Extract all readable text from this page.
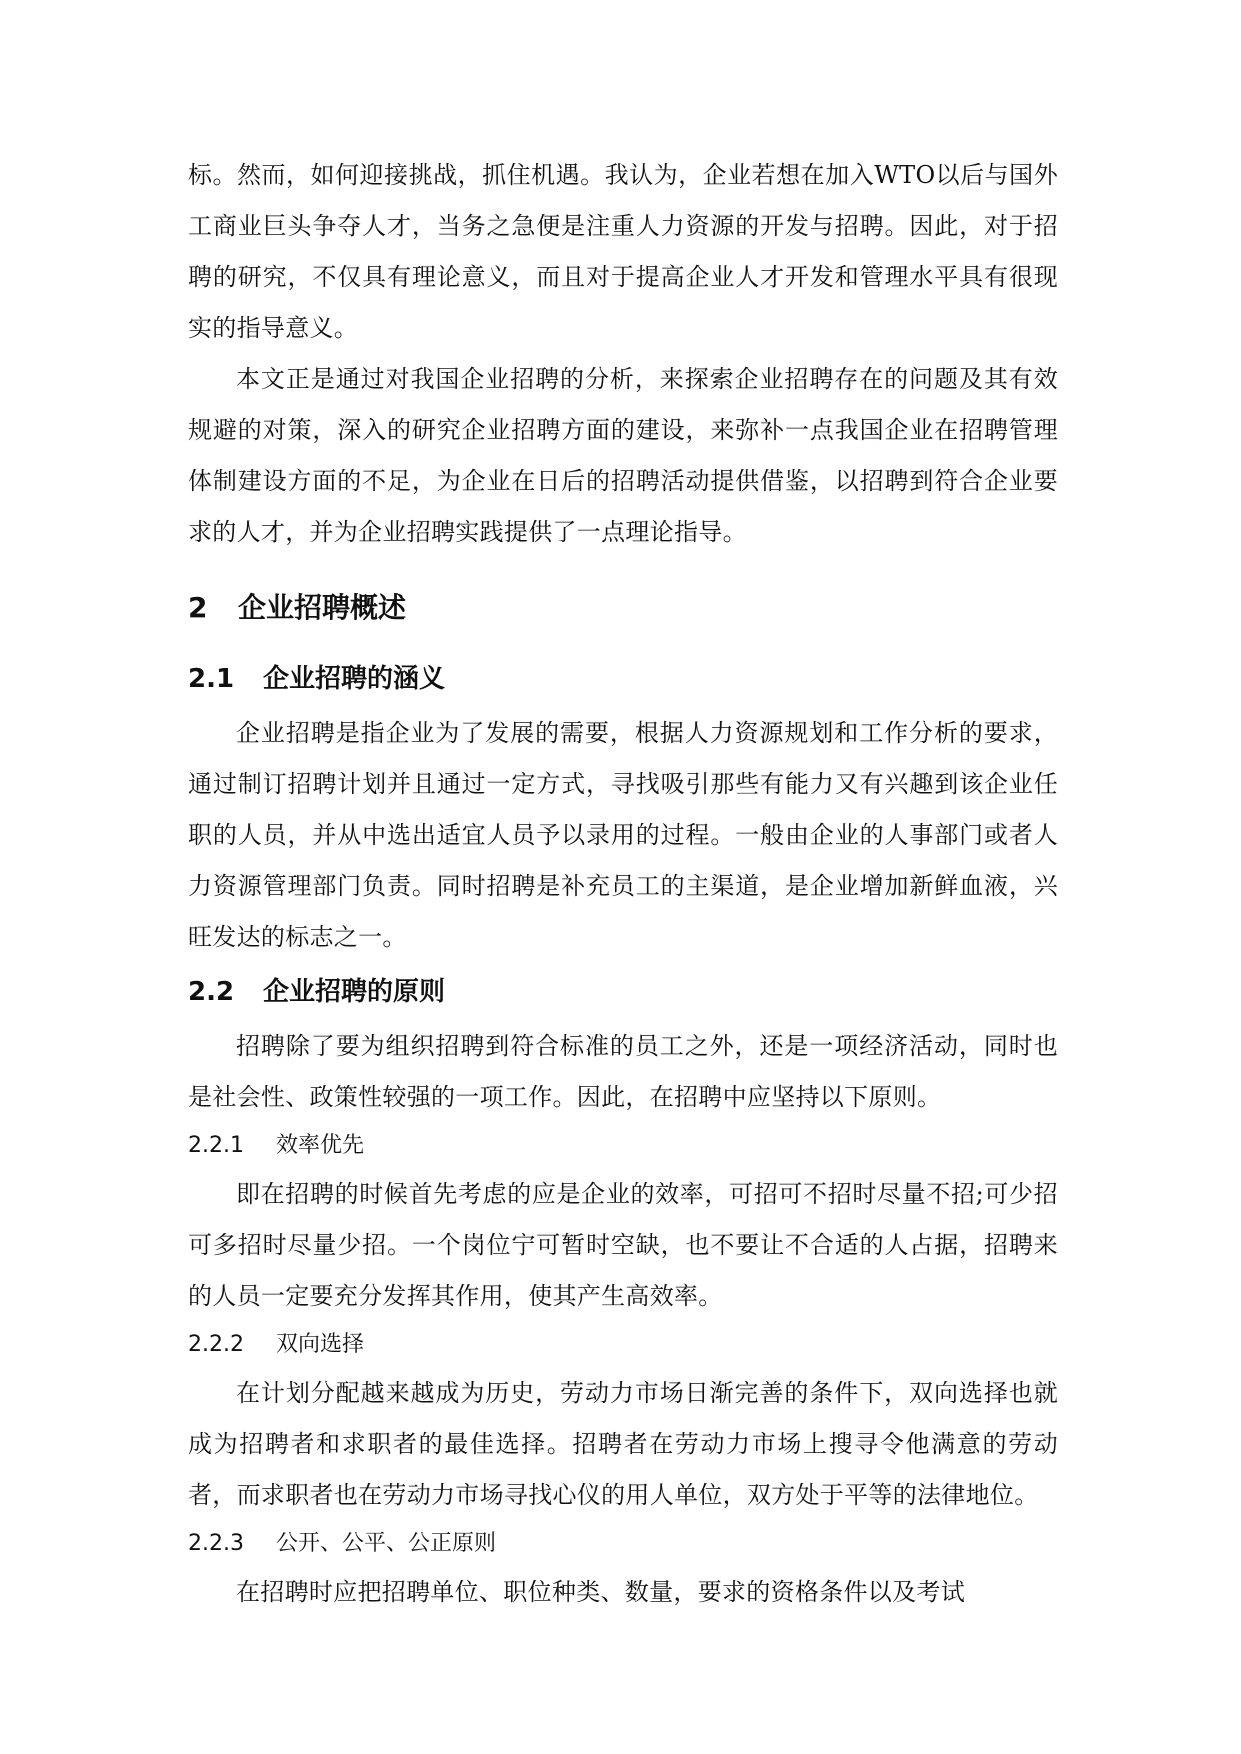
标。然而，如何迎接挑战，抓住机遇。我认为，企业若想在加入WTO以后与国外工商业巨头争夺人才，当务之急便是注重人力资源的开发与招聘。因此，对于招聘的研究，不仅具有理论意义，而且对于提高企业人才开发和管理水平具有很现实的指导意义。

本文正是通过对我国企业招聘的分析，来探索企业招聘存在的问题及其有效规避的对策，深入的研究企业招聘方面的建设，来弥补一点我国企业在招聘管理体制建设方面的不足，为企业在日后的招聘活动提供借鉴，以招聘到符合企业要求的人才，并为企业招聘实践提供了一点理论指导。

2 企业招聘概述
2.1 企业招聘的涵义

企业招聘是指企业为了发展的需要，根据人力资源规划和工作分析的要求，通过制订招聘计划并且通过一定方式，寻找吸引那些有能力又有兴趣到该企业任职的人员，并从中选出适宜人员予以录用的过程。一般由企业的人事部门或者人力资源管理部门负责。同时招聘是补充员工的主渠道，是企业增加新鲜血液，兴旺发达的标志之一。

2.2 企业招聘的原则

招聘除了要为组织招聘到符合标准的员工之外，还是一项经济活动，同时也是社会性、政策性较强的一项工作。因此，在招聘中应坚持以下原则。

2.2.1 效率优先

即在招聘的时候首先考虑的应是企业的效率，可招可不招时尽量不招;可少招可多招时尽量少招。一个岗位宁可暂时空缺，也不要让不合适的人占据，招聘来的人员一定要充分发挥其作用，使其产生高效率。

2.2.2 双向选择

在计划分配越来越成为历史，劳动力市场日渐完善的条件下，双向选择也就成为招聘者和求职者的最佳选择。招聘者在劳动力市场上搜寻令他满意的劳动者，而求职者也在劳动力市场寻找心仪的用人单位，双方处于平等的法律地位。

2.2.3 公开、公平、公正原则

在招聘时应把招聘单位、职位种类、数量，要求的资格条件以及考试
